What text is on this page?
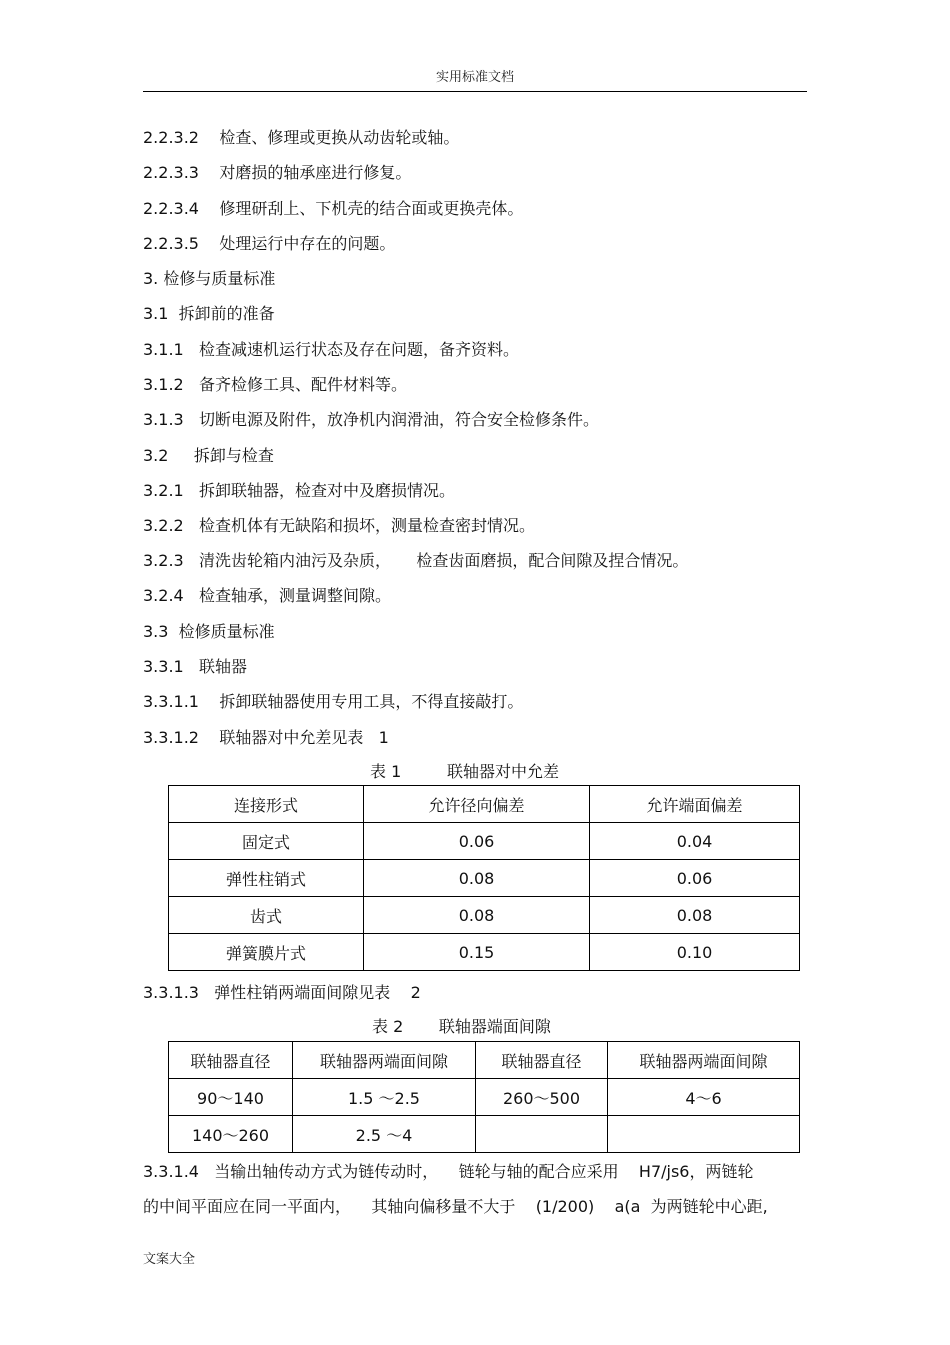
实用标准文档
2.2.3.2    检查、修理或更换从动齿轮或轴。
2.2.3.3    对磨损的轴承座进行修复。
2.2.3.4    修理研刮上、下机壳的结合面或更换壳体。
2.2.3.5    处理运行中存在的问题。
3. 检修与质量标准
3.1  拆卸前的准备
3.1.1   检查减速机运行状态及存在问题，备齐资料。
3.1.2   备齐检修工具、配件材料等。
3.1.3   切断电源及附件，放净机内润滑油，符合安全检修条件。
3.2     拆卸与检查
3.2.1   拆卸联轴器，检查对中及磨损情况。
3.2.2   检查机体有无缺陷和损坏，测量检查密封情况。
3.2.3   清洗齿轮箱内油污及杂质，     检查齿面磨损，配合间隙及捏合情况。
3.2.4   检查轴承，测量调整间隙。
3.3  检修质量标准
3.3.1   联轴器
3.3.1.1    拆卸联轴器使用专用工具，不得直接敲打。
3.3.1.2    联轴器对中允差见表   1
表 1         联轴器对中允差
连接形式	允许径向偏差	允许端面偏差
固定式	0.06	0.04
弹性柱销式	0.08	0.06
齿式	0.08	0.08
弹簧膜片式	0.15	0.10
3.3.1.3   弹性柱销两端面间隙见表    2
表 2       联轴器端面间隙
联轴器直径	联轴器两端面间隙	联轴器直径	联轴器两端面间隙
90～140	1.5 ～2.5	260～500	4～6
140～260	2.5 ～4		
3.3.1.4   当输出轴传动方式为链传动时，    链轮与轴的配合应采用    H7/js6，两链轮
的中间平面应在同一平面内，    其轴向偏移量不大于    (1/200)    a(a  为两链轮中心距,
文案大全
